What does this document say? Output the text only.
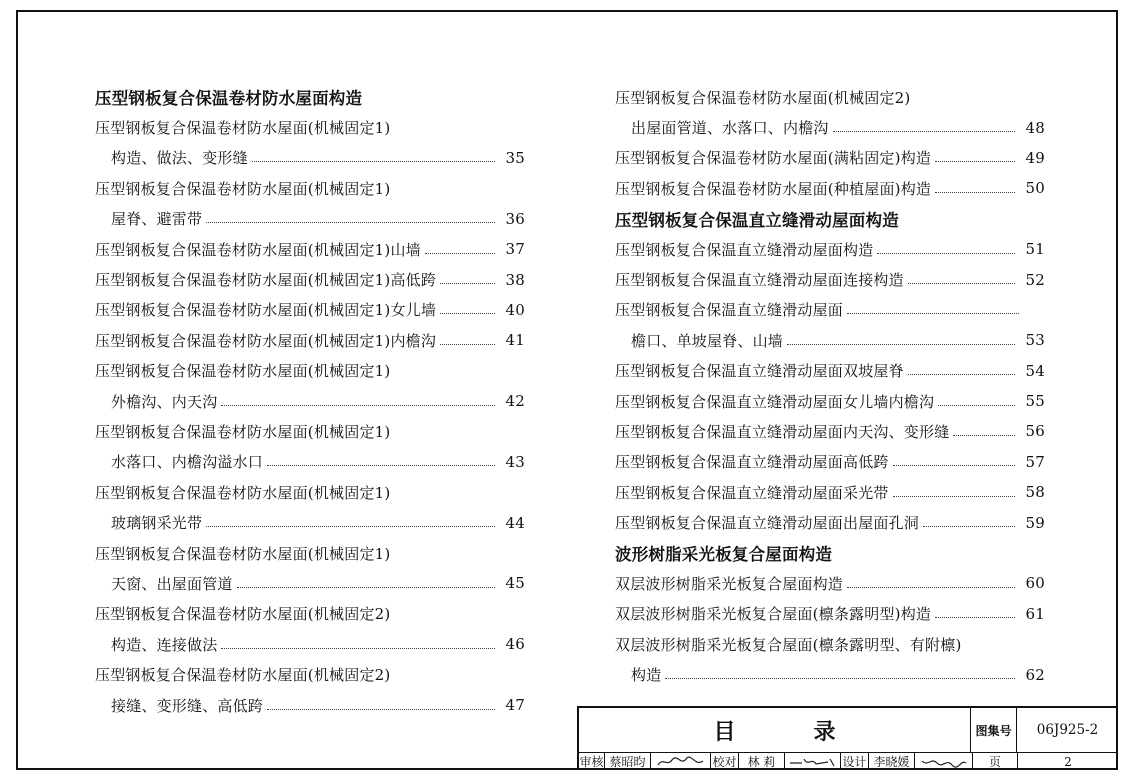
压型钢板复合保温卷材防水屋面构造
压型钢板复合保温卷材防水屋面(机械固定1)
构造、做法、变形缝	35
压型钢板复合保温卷材防水屋面(机械固定1)
屋脊、避雷带	36
压型钢板复合保温卷材防水屋面(机械固定1)山墙	37
压型钢板复合保温卷材防水屋面(机械固定1)高低跨	38
压型钢板复合保温卷材防水屋面(机械固定1)女儿墙	40
压型钢板复合保温卷材防水屋面(机械固定1)内檐沟	41
压型钢板复合保温卷材防水屋面(机械固定1)
外檐沟、内天沟	42
压型钢板复合保温卷材防水屋面(机械固定1)
水落口、内檐沟溢水口	43
压型钢板复合保温卷材防水屋面(机械固定1)
玻璃钢采光带	44
压型钢板复合保温卷材防水屋面(机械固定1)
天窗、出屋面管道	45
压型钢板复合保温卷材防水屋面(机械固定2)
构造、连接做法	46
压型钢板复合保温卷材防水屋面(机械固定2)
接缝、变形缝、高低跨	47
压型钢板复合保温卷材防水屋面(机械固定2)
出屋面管道、水落口、内檐沟	48
压型钢板复合保温卷材防水屋面(满粘固定)构造	49
压型钢板复合保温卷材防水屋面(种植屋面)构造	50
压型钢板复合保温直立缝滑动屋面构造
压型钢板复合保温直立缝滑动屋面构造	51
压型钢板复合保温直立缝滑动屋面连接构造	52
压型钢板复合保温直立缝滑动屋面
檐口、单坡屋脊、山墙	53
压型钢板复合保温直立缝滑动屋面双坡屋脊	54
压型钢板复合保温直立缝滑动屋面女儿墙内檐沟	55
压型钢板复合保温直立缝滑动屋面内天沟、变形缝	56
压型钢板复合保温直立缝滑动屋面高低跨	57
压型钢板复合保温直立缝滑动屋面采光带	58
压型钢板复合保温直立缝滑动屋面出屋面孔洞	59
波形树脂采光板复合屋面构造
双层波形树脂采光板复合屋面构造	60
双层波形树脂采光板复合屋面(檩条露明型)构造	61
双层波形树脂采光板复合屋面(檩条露明型、有附檩)
构造	62
目录	图集号	06J925-2
审核 蔡昭昀	校对 林 莉	设计 李晓媛	页	2
